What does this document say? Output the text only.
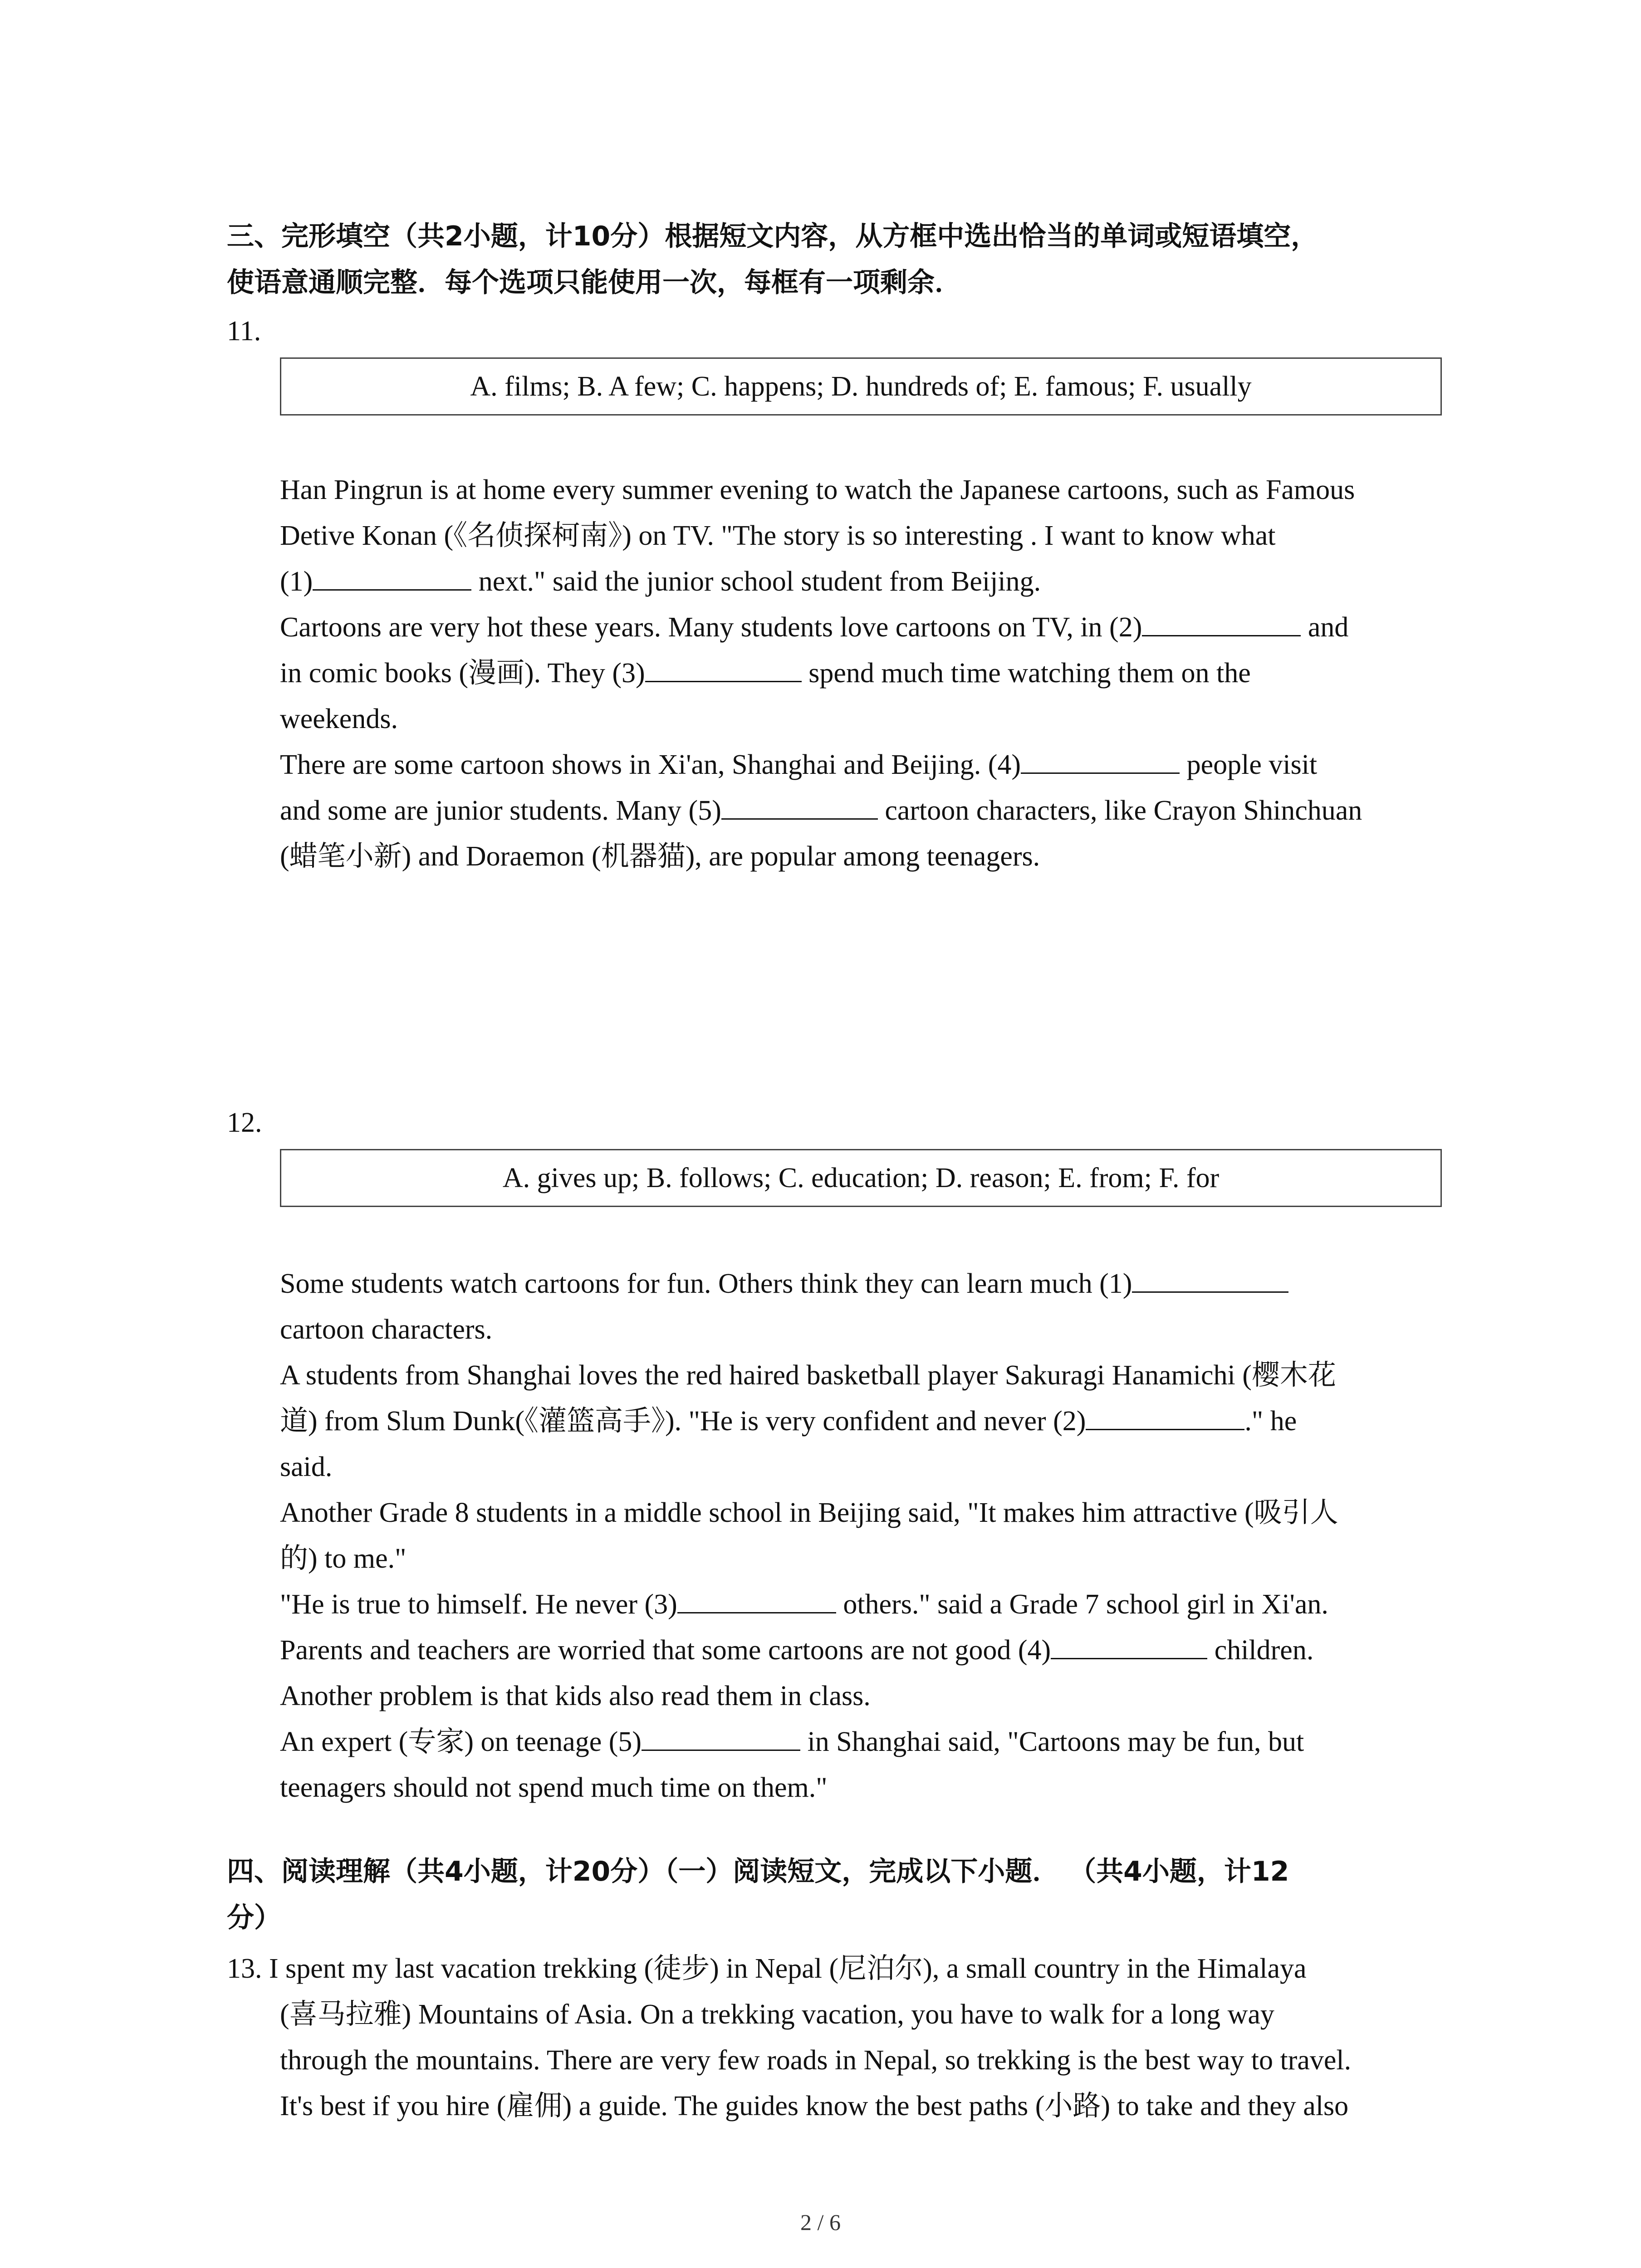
三、完形填空（共2小题，计10分）根据短文内容，从方框中选出恰当的单词或短语填空，
使语意通顺完整．每个选项只能使用一次，每框有一项剩余．
11.
A. films; B. A few; C. happens; D. hundreds of; E. famous; F. usually

Han Pingrun is at home every summer evening to watch the Japanese cartoons, such as Famous

Detive Konan (《名侦探柯南》) on TV. "The story is so interesting . I want to know what

(1)	next." said the junior school student from Beijing.

Cartoons are very hot these years. Many students love cartoons on TV, in (2)	and

in comic books (漫画). They (3)	spend much time watching them on the

weekends.

There are some cartoon shows in Xi'an, Shanghai and Beijing. (4)	people visit

and some are junior students. Many (5)	cartoon characters, like Crayon Shinchuan

(蜡笔小新) and Doraemon (机器猫), are popular among teenagers.

12.
A. gives up; B. follows; C. education; D. reason; E. from; F. for

Some students watch cartoons for fun. Others think they can learn much (1)

cartoon characters.

A students from Shanghai loves the red haired basketball player Sakuragi Hanamichi (樱木花

道) from Slum Dunk(《灌篮高手》). "He is very confident and never (2)	." he

said.

Another Grade 8 students in a middle school in Beijing said, "It makes him attractive (吸引人

的) to me."

"He is true to himself. He never (3)	others." said a Grade 7 school girl in Xi'an.

Parents and teachers are worried that some cartoons are not good (4)	children.

Another problem is that kids also read them in class.

An expert (专家) on teenage (5)	in Shanghai said, "Cartoons may be fun, but

teenagers should not spend much time on them."

四、阅读理解（共4小题，计20分）（一）阅读短文，完成以下小题． （共4小题，计12
分）

13. I spent my last vacation trekking (徒步) in Nepal (尼泊尔), a small country in the Himalaya

(喜马拉雅) Mountains of Asia. On a trekking vacation, you have to walk for a long way

through the mountains. There are very few roads in Nepal, so trekking is the best way to travel.

It's best if you hire (雇佣) a guide. The guides know the best paths (小路) to take and they also

2 / 6
